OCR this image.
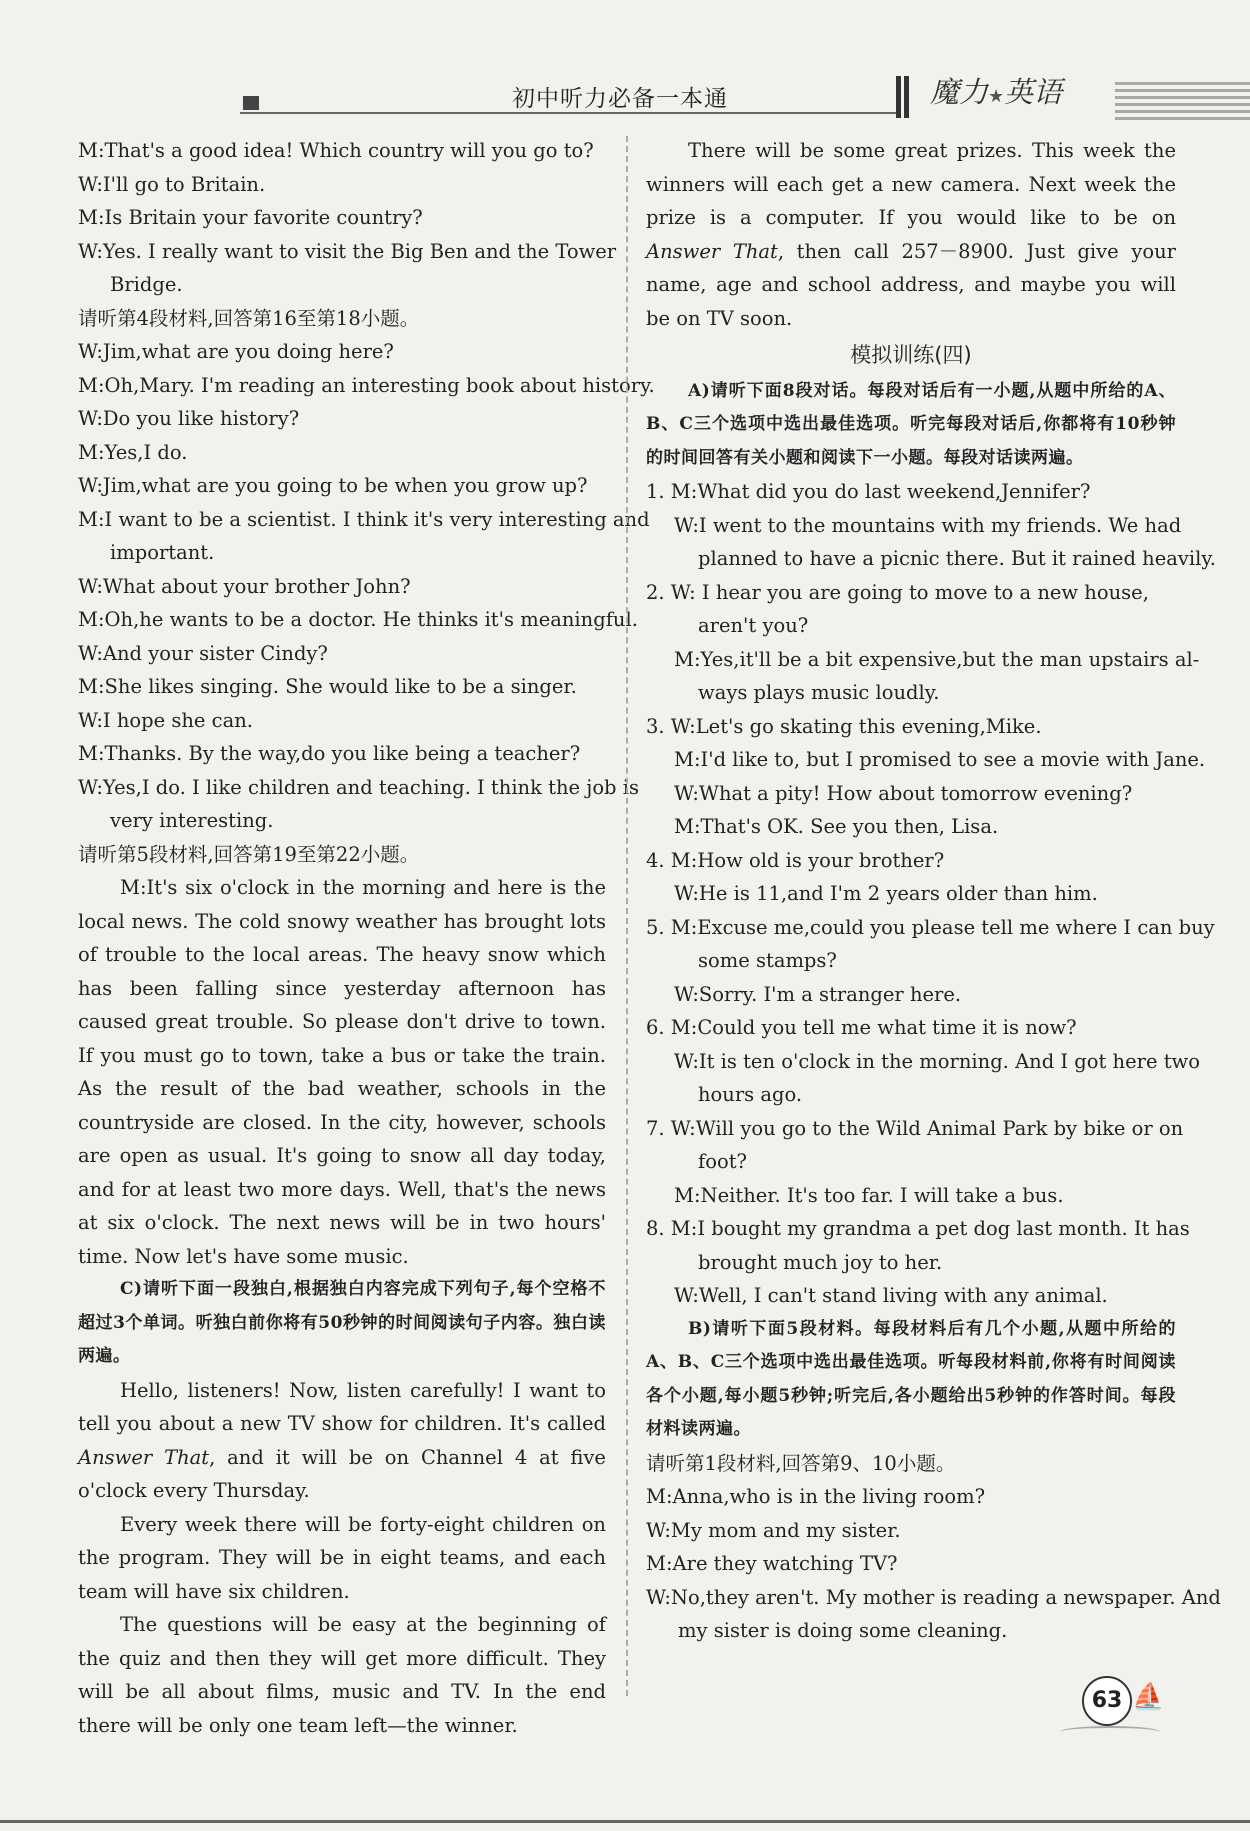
初中听力必备一本通	魔力★英语
M:That's a good idea! Which country will you go to?
W:I'll go to Britain.
M:Is Britain your favorite country?
W:Yes. I really want to visit the Big Ben and the Tower
Bridge.
请听第4段材料,回答第16至第18小题。
W:Jim,what are you doing here?
M:Oh,Mary. I'm reading an interesting book about history.
W:Do you like history?
M:Yes,I do.
W:Jim,what are you going to be when you grow up?
M:I want to be a scientist. I think it's very interesting and
important.
W:What about your brother John?
M:Oh,he wants to be a doctor. He thinks it's meaningful.
W:And your sister Cindy?
M:She likes singing. She would like to be a singer.
W:I hope she can.
M:Thanks. By the way,do you like being a teacher?
W:Yes,I do. I like children and teaching. I think the job is
very interesting.
请听第5段材料,回答第19至第22小题。
M:It's six o'clock in the morning and here is the local news. The cold snowy weather has brought lots of trouble to the local areas. The heavy snow which has been falling since yesterday afternoon has caused great trouble. So please don't drive to town. If you must go to town, take a bus or take the train. As the result of the bad weather, schools in the countryside are closed. In the city, however, schools are open as usual. It's going to snow all day today, and for at least two more days. Well, that's the news at six o'clock. The next news will be in two hours' time. Now let's have some music.
C)请听下面一段独白,根据独白内容完成下列句子,每个空格不超过3个单词。听独白前你将有50秒钟的时间阅读句子内容。独白读两遍。
Hello, listeners! Now, listen carefully! I want to tell you about a new TV show for children. It's called Answer That, and it will be on Channel 4 at five o'clock every Thursday.
Every week there will be forty-eight children on the program. They will be in eight teams, and each team will have six children.
The questions will be easy at the beginning of the quiz and then they will get more difficult. They will be all about films, music and TV. In the end there will be only one team left—the winner.
There will be some great prizes. This week the winners will each get a new camera. Next week the prize is a computer. If you would like to be on Answer That, then call 257－8900. Just give your name, age and school address, and maybe you will be on TV soon.
模拟训练(四)
A)请听下面8段对话。每段对话后有一小题,从题中所给的A、B、C三个选项中选出最佳选项。听完每段对话后,你都将有10秒钟的时间回答有关小题和阅读下一小题。每段对话读两遍。
1. M:What did you do last weekend,Jennifer?
W:I went to the mountains with my friends. We had
planned to have a picnic there. But it rained heavily.
2. W: I hear you are going to move to a new house,
aren't you?
M:Yes,it'll be a bit expensive,but the man upstairs al-
ways plays music loudly.
3. W:Let's go skating this evening,Mike.
M:I'd like to, but I promised to see a movie with Jane.
W:What a pity! How about tomorrow evening?
M:That's OK. See you then, Lisa.
4. M:How old is your brother?
W:He is 11,and I'm 2 years older than him.
5. M:Excuse me,could you please tell me where I can buy
some stamps?
W:Sorry. I'm a stranger here.
6. M:Could you tell me what time it is now?
W:It is ten o'clock in the morning. And I got here two
hours ago.
7. W:Will you go to the Wild Animal Park by bike or on
foot?
M:Neither. It's too far. I will take a bus.
8. M:I bought my grandma a pet dog last month. It has
brought much joy to her.
W:Well, I can't stand living with any animal.
B)请听下面5段材料。每段材料后有几个小题,从题中所给的A、B、C三个选项中选出最佳选项。听每段材料前,你将有时间阅读各个小题,每小题5秒钟;听完后,各小题给出5秒钟的作答时间。每段材料读两遍。
请听第1段材料,回答第9、10小题。
M:Anna,who is in the living room?
W:My mom and my sister.
M:Are they watching TV?
W:No,they aren't. My mother is reading a newspaper. And
my sister is doing some cleaning.
63 ⛵
